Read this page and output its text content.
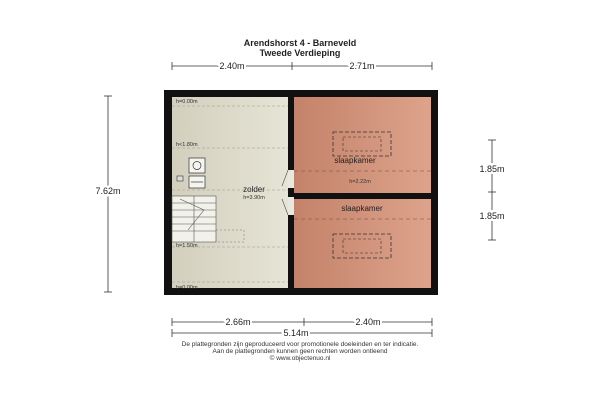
Arendshorst 4 - Barneveld
Tweede Verdieping
2.40m	2.71m
7.62m
1.85m
1.85m
zolder
h=3.90m
slaapkamer
h=2.22m
slaapkamer
h=0.00m
h<1.80m
h=1.50m
h=0.00m
2.66m	2.40m
5.14m
De plattegronden zijn geproduceerd voor promotionele doeleinden en ter indicatie.
Aan de plattegronden kunnen geen rechten worden ontleend
© www.objectenuo.nl
